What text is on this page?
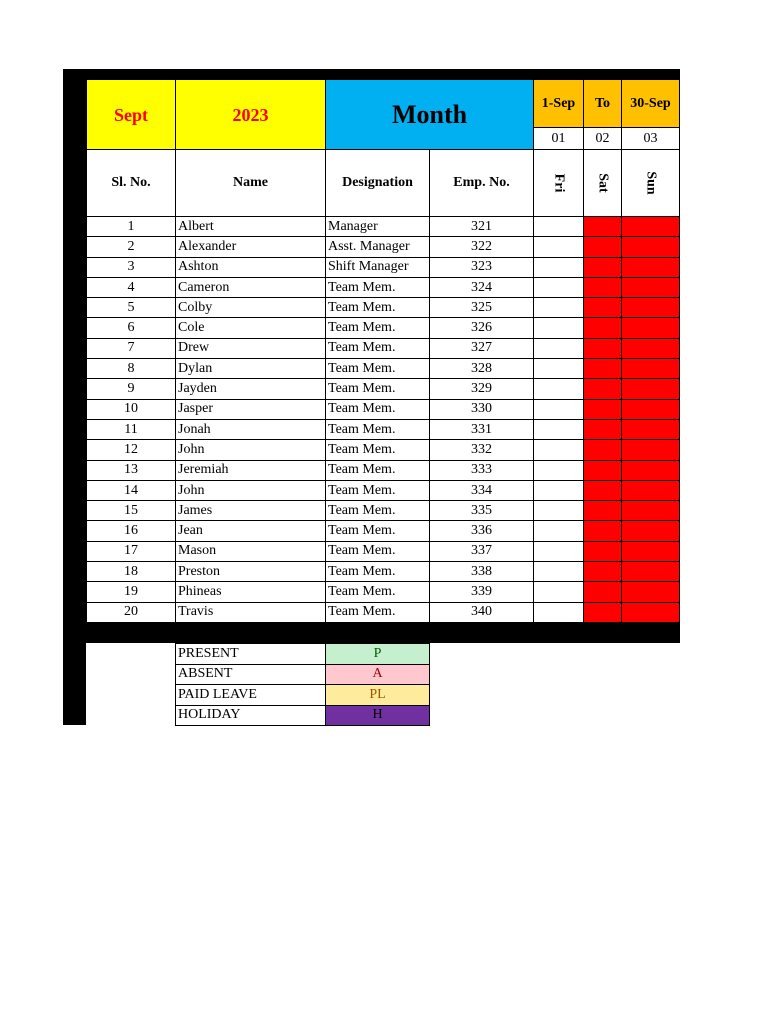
Sept	2023	Month		1-Sep	To	30-Sep
				01	02	03
Sl. No.	Name	Designation	Emp. No.	Fri	Sat	Sun
1	Albert	Manager	321			
2	Alexander	Asst. Manager	322			
3	Ashton	Shift Manager	323			
4	Cameron	Team Mem.	324			
5	Colby	Team Mem.	325			
6	Cole	Team Mem.	326			
7	Drew	Team Mem.	327			
8	Dylan	Team Mem.	328			
9	Jayden	Team Mem.	329			
10	Jasper	Team Mem.	330			
11	Jonah	Team Mem.	331			
12	John	Team Mem.	332			
13	Jeremiah	Team Mem.	333			
14	John	Team Mem.	334			
15	James	Team Mem.	335			
16	Jean	Team Mem.	336			
17	Mason	Team Mem.	337			
18	Preston	Team Mem.	338			
19	Phineas	Team Mem.	339			
20	Travis	Team Mem.	340			
PRESENT	P
ABSENT	A
PAID LEAVE	PL
HOLIDAY	H
